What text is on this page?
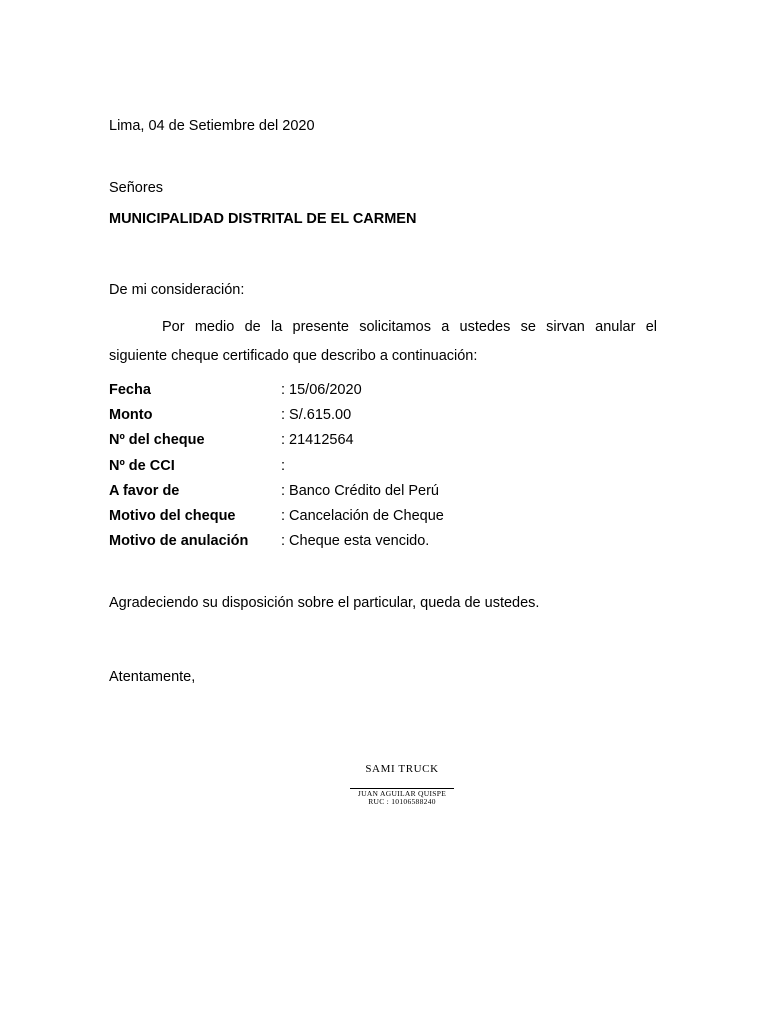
Lima, 04 de Setiembre del 2020
Señores
MUNICIPALIDAD DISTRITAL DE EL CARMEN
De mi consideración:
Por medio de la presente solicitamos a ustedes se sirvan anular el
siguiente cheque certificado que describo a continuación:
Fecha	: 15/06/2020
Monto	: S/.615.00
Nº del cheque	: 21412564
Nº de CCI	:
A favor de	: Banco Crédito del Perú
Motivo del cheque	: Cancelación de Cheque
Motivo de anulación : Cheque esta vencido.
Agradeciendo su disposición sobre el particular, queda de ustedes.
Atentamente,
SAMI TRUCK
JUAN AGUILAR QUISPE
RUC : 10106588240
